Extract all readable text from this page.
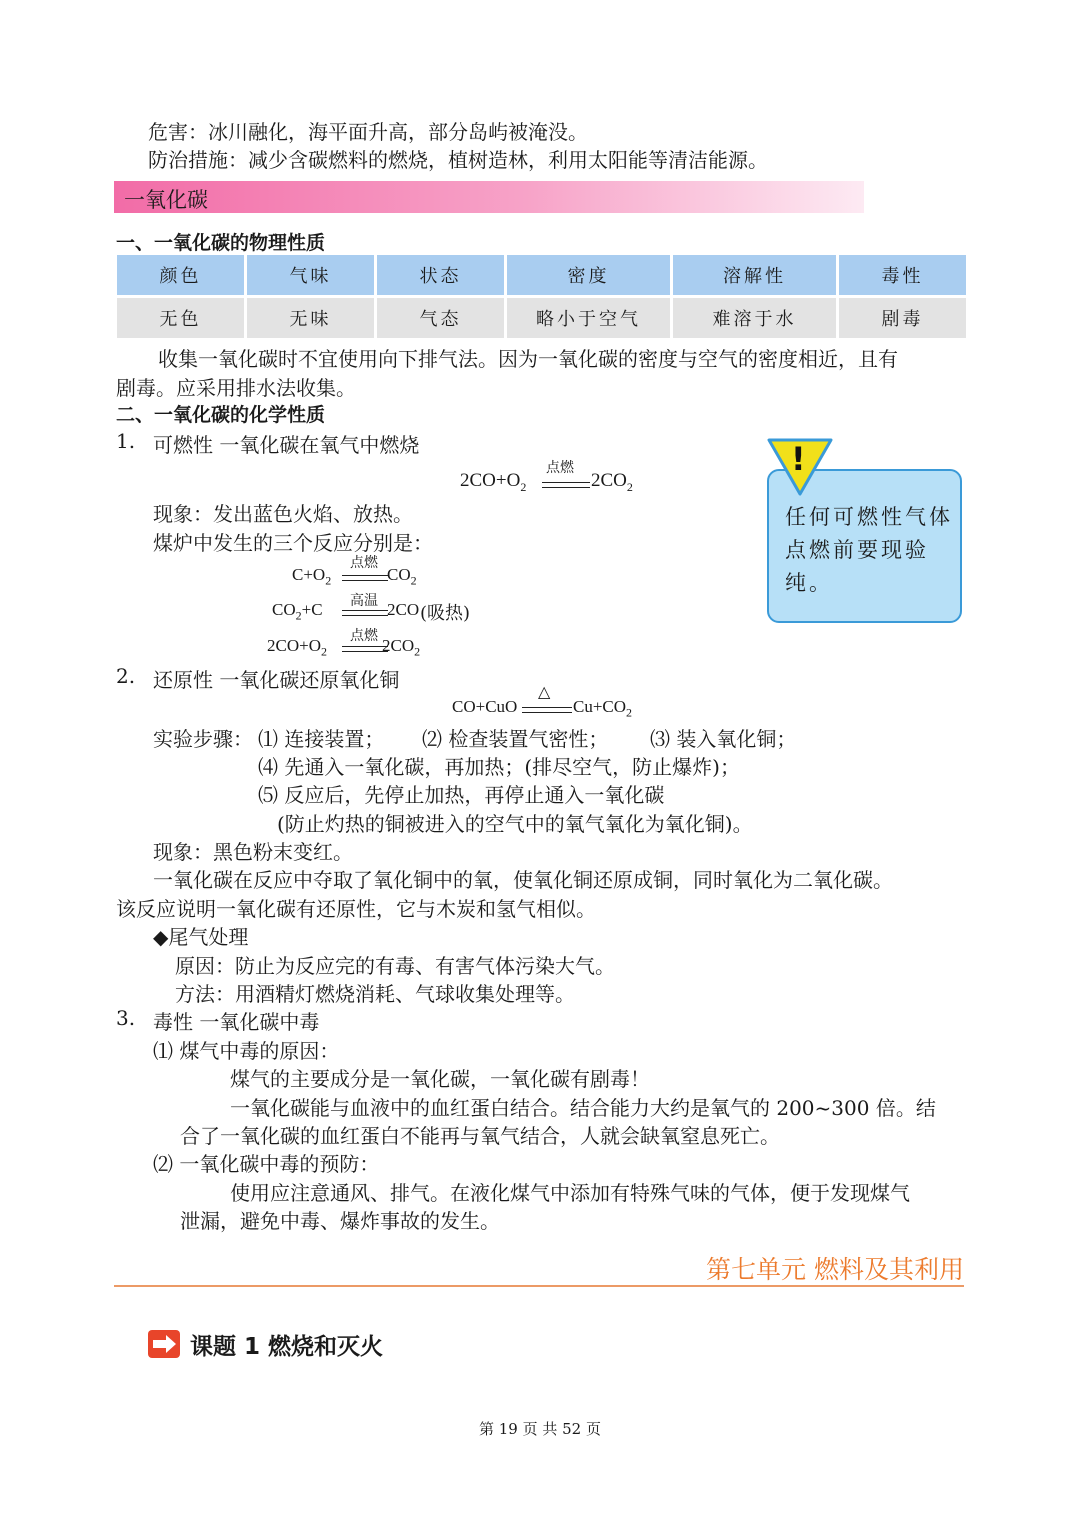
危害：冰川融化，海平面升高，部分岛屿被淹没。
防治措施：减少含碳燃料的燃烧，植树造林，利用太阳能等清洁能源。
一氧化碳
一、一氧化碳的物理性质
颜色	气味	状态	密度	溶解性	毒性
无色	无味	气态	略小于空气	难溶于水	剧毒
收集一氧化碳时不宜使用向下排气法。因为一氧化碳的密度与空气的密度相近，且有
剧毒。应采用排水法收集。
二、一氧化碳的化学性质
1. 可燃性 一氧化碳在氧气中燃烧
$2CO+O_2$
点燃
$2CO_2$
现象：发出蓝色火焰、放热。
煤炉中发生的三个反应分别是：
$C+O_2$
点燃
$CO_2$
$CO_2+C$ 高温 2CO (吸热)
$2CO+O_2$
点燃 $2CO_2$
任何可燃性气体点燃前要现验纯。
!
2. 还原性 一氧化碳还原氧化铜
CO+CuO
△
$Cu+CO_2$
实验步骤： ⑴ 连接装置； ⑵ 检查装置气密性； ⑶ 装入氧化铜；
⑷ 先通入一氧化碳，再加热；(排尽空气，防止爆炸)；
⑸ 反应后，先停止加热，再停止通入一氧化碳
(防止灼热的铜被进入的空气中的氧气氧化为氧化铜)。
现象：黑色粉末变红。
一氧化碳在反应中夺取了氧化铜中的氧，使氧化铜还原成铜，同时氧化为二氧化碳。
该反应说明一氧化碳有还原性，它与木炭和氢气相似。
◆尾气处理
原因：防止为反应完的有毒、有害气体污染大气。
方法：用酒精灯燃烧消耗、气球收集处理等。
3. 毒性 一氧化碳中毒
⑴ 煤气中毒的原因：
煤气的主要成分是一氧化碳，一氧化碳有剧毒！
一氧化碳能与血液中的血红蛋白结合。结合能力大约是氧气的 200~300 倍。结
合了一氧化碳的血红蛋白不能再与氧气结合，人就会缺氧窒息死亡。
⑵ 一氧化碳中毒的预防：
使用应注意通风、排气。在液化煤气中添加有特殊气味的气体，便于发现煤气
泄漏，避免中毒、爆炸事故的发生。
第七单元 燃料及其利用
课题 1 燃烧和灭火
第 19 页 共 52 页
